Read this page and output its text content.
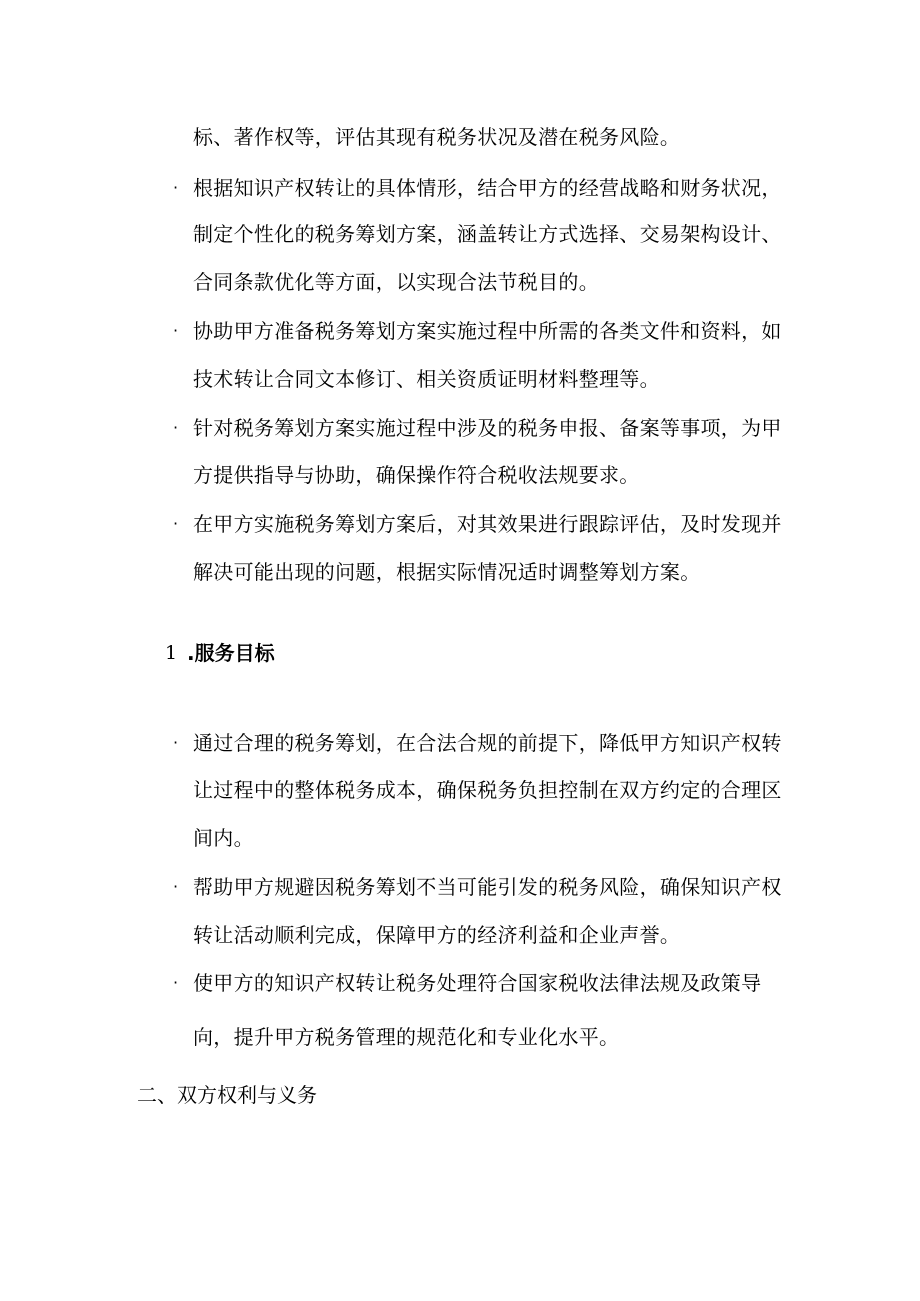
标、著作权等，评估其现有税务状况及潜在税务风险。
· 根据知识产权转让的具体情形，结合甲方的经营战略和财务状况，
制定个性化的税务筹划方案，涵盖转让方式选择、交易架构设计、
合同条款优化等方面，以实现合法节税目的。
· 协助甲方准备税务筹划方案实施过程中所需的各类文件和资料，如
技术转让合同文本修订、相关资质证明材料整理等。
· 针对税务筹划方案实施过程中涉及的税务申报、备案等事项，为甲
方提供指导与协助，确保操作符合税收法规要求。
· 在甲方实施税务筹划方案后，对其效果进行跟踪评估，及时发现并
解决可能出现的问题，根据实际情况适时调整筹划方案。
1 .服务目标
· 通过合理的税务筹划，在合法合规的前提下，降低甲方知识产权转
让过程中的整体税务成本，确保税务负担控制在双方约定的合理区
间内。
· 帮助甲方规避因税务筹划不当可能引发的税务风险，确保知识产权
转让活动顺利完成，保障甲方的经济利益和企业声誉。
· 使甲方的知识产权转让税务处理符合国家税收法律法规及政策导
向，提升甲方税务管理的规范化和专业化水平。
二、双方权利与义务
